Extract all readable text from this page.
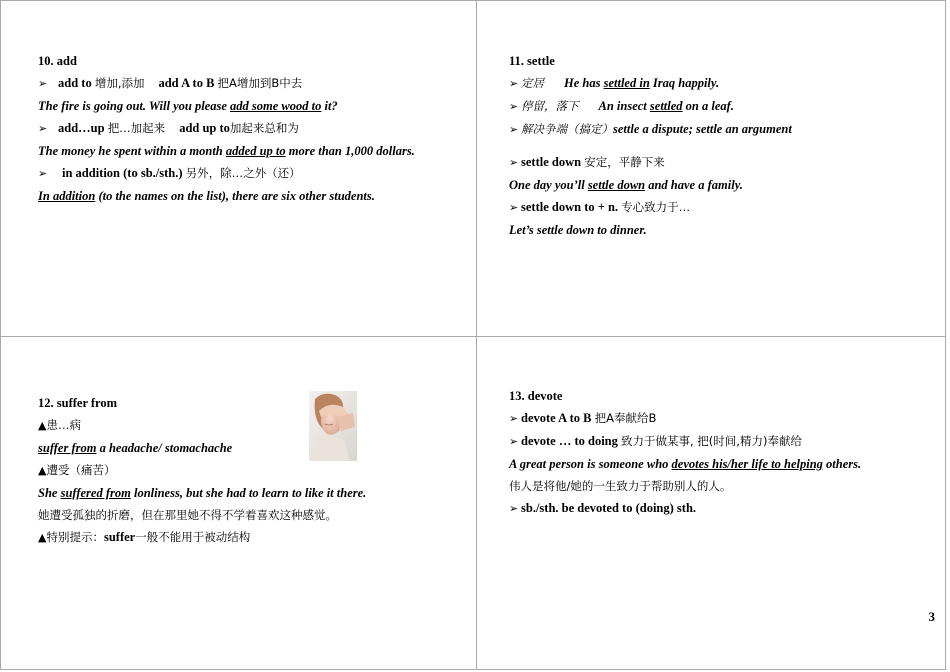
10. add

➢ add to 增加,添加 add A to B 把A增加到B中去

The fire is going out. Will you please add some wood to it?

➢ add…up 把…加起来 add up to加起来总和为

The money he spent within a month added up to more than 1,000 dollars.

➢ in addition (to sb./sth.) 另外，除…之外（还）

In addition (to the names on the list), there are six other students.

11. settle

➢ 定居 He has settled in Iraq happily.

➢ 停留，落下 An insect settled on a leaf.

➢ 解决争端（搞定）settle a dispute; settle an argument

➢ settle down 安定，平静下来

One day you’ll settle down and have a family.

➢ settle down to + n. 专心致力于…

Let’s settle down to dinner.

12. suffer from

▲患…病

suffer from a headache/ stomachache

▲遭受（痛苦）

She suffered from lonliness, but she had to learn to like it there.

她遭受孤独的折磨，但在那里她不得不学着喜欢这种感觉。

▲特别提示：suffer一般不能用于被动结构

13. devote

➢ devote A to B 把A奉献给B

➢ devote … to doing 致力于做某事, 把(时间,精力)奉献给

A great person is someone who devotes his/her life to helping others.

伟人是将他/她的一生致力于帮助别人的人。

➢ sb./sth. be devoted to (doing) sth.

3
